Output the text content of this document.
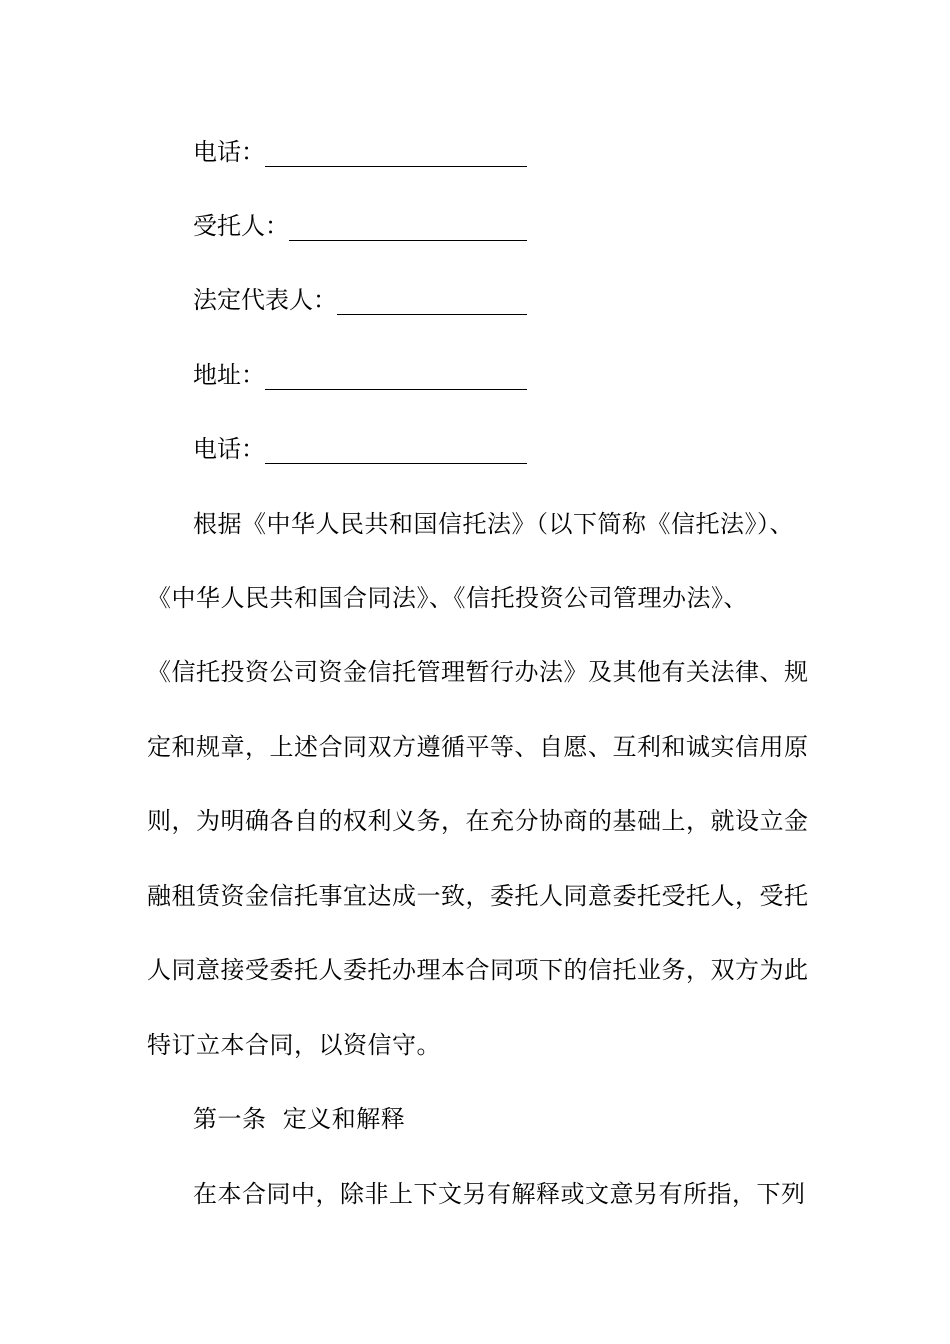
电话：
受托人：
法定代表人：
地址：
电话：
根据《中华人民共和国信托法》（以下简称《信托法》）、
《中华人民共和国合同法》、《信托投资公司管理办法》、
《信托投资公司资金信托管理暂行办法》及其他有关法律、规
定和规章，上述合同双方遵循平等、自愿、互利和诚实信用原
则，为明确各自的权利义务，在充分协商的基础上，就设立金
融租赁资金信托事宜达成一致，委托人同意委托受托人，受托
人同意接受委托人委托办理本合同项下的信托业务，双方为此
特订立本合同，以资信守。
第一条  定义和解释
在本合同中，除非上下文另有解释或文意另有所指，下列
